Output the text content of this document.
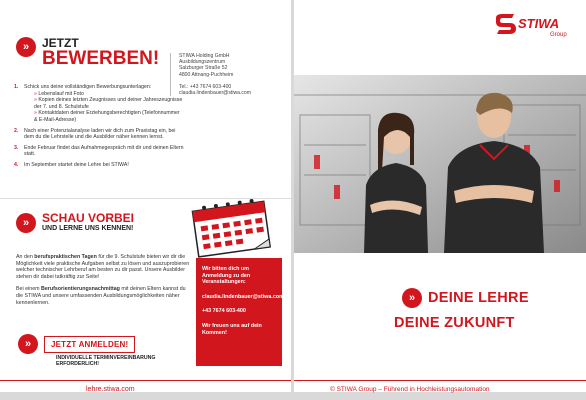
»	JETZT
BEWERBEN!	STIWA Holding GmbH
Ausbildungszentrum
Salzburger Straße 52
4800 Attnang-Puchheim
Tel.: +43 7674 603-400
claudia.lindenbauer@stiwa.com
1.	Schick uns deine vollständigen Bewerbungsunterlagen:
» Lebenslauf mit Foto
» Kopien deines letzten Zeugnisses und deiner Jahreszeugnisse der 7. und 8. Schulstufe
» Kontaktdaten deiner Erziehungsberechtigten (Telefonnummer & E-Mail-Adresse)
2.	Nach einer Potenzialanalyse laden wir dich zum Praxistag ein, bei dem du die Lehrstelle und die Ausbilder näher kennen lernst.
3.	Ende Februar findet das Aufnahmegespräch mit dir und deinen Eltern statt.
4.	Im September startet deine Lehre bei STIWA!
»	SCHAU VORBEI
UND LERNE UNS KENNEN!

An den berufspraktischen Tagen für die 9. Schulstufe bieten wir dir die Möglichkeit viele praktische Aufgaben selbst zu lösen und auszuprobieren welcher technischer Lehrberuf am besten zu dir passt. Unsere Ausbilder stehen dir dabei tatkräftig zur Seite!

Bei einem Berufsorientierungsnachmittag mit deinen Eltern kannst du die STIWA und unsere umfassenden Ausbildungsmöglichkeiten näher kennenlernen.

»	JETZT ANMELDEN!
INDIVIDUELLE TERMINVEREINBARUNG ERFORDERLICH!

Wir bitten dich um Anmeldung zu den Veranstaltungen:

claudia.lindenbauer@stiwa.com

+43 7674 603-400

Wir freuen uns auf dein Kommen!

lehre.stiwa.com
STIWA
Group
» DEINE LEHRE
DEINE ZUKUNFT
© STIWA Group – Führend in Hochleistungsautomation
